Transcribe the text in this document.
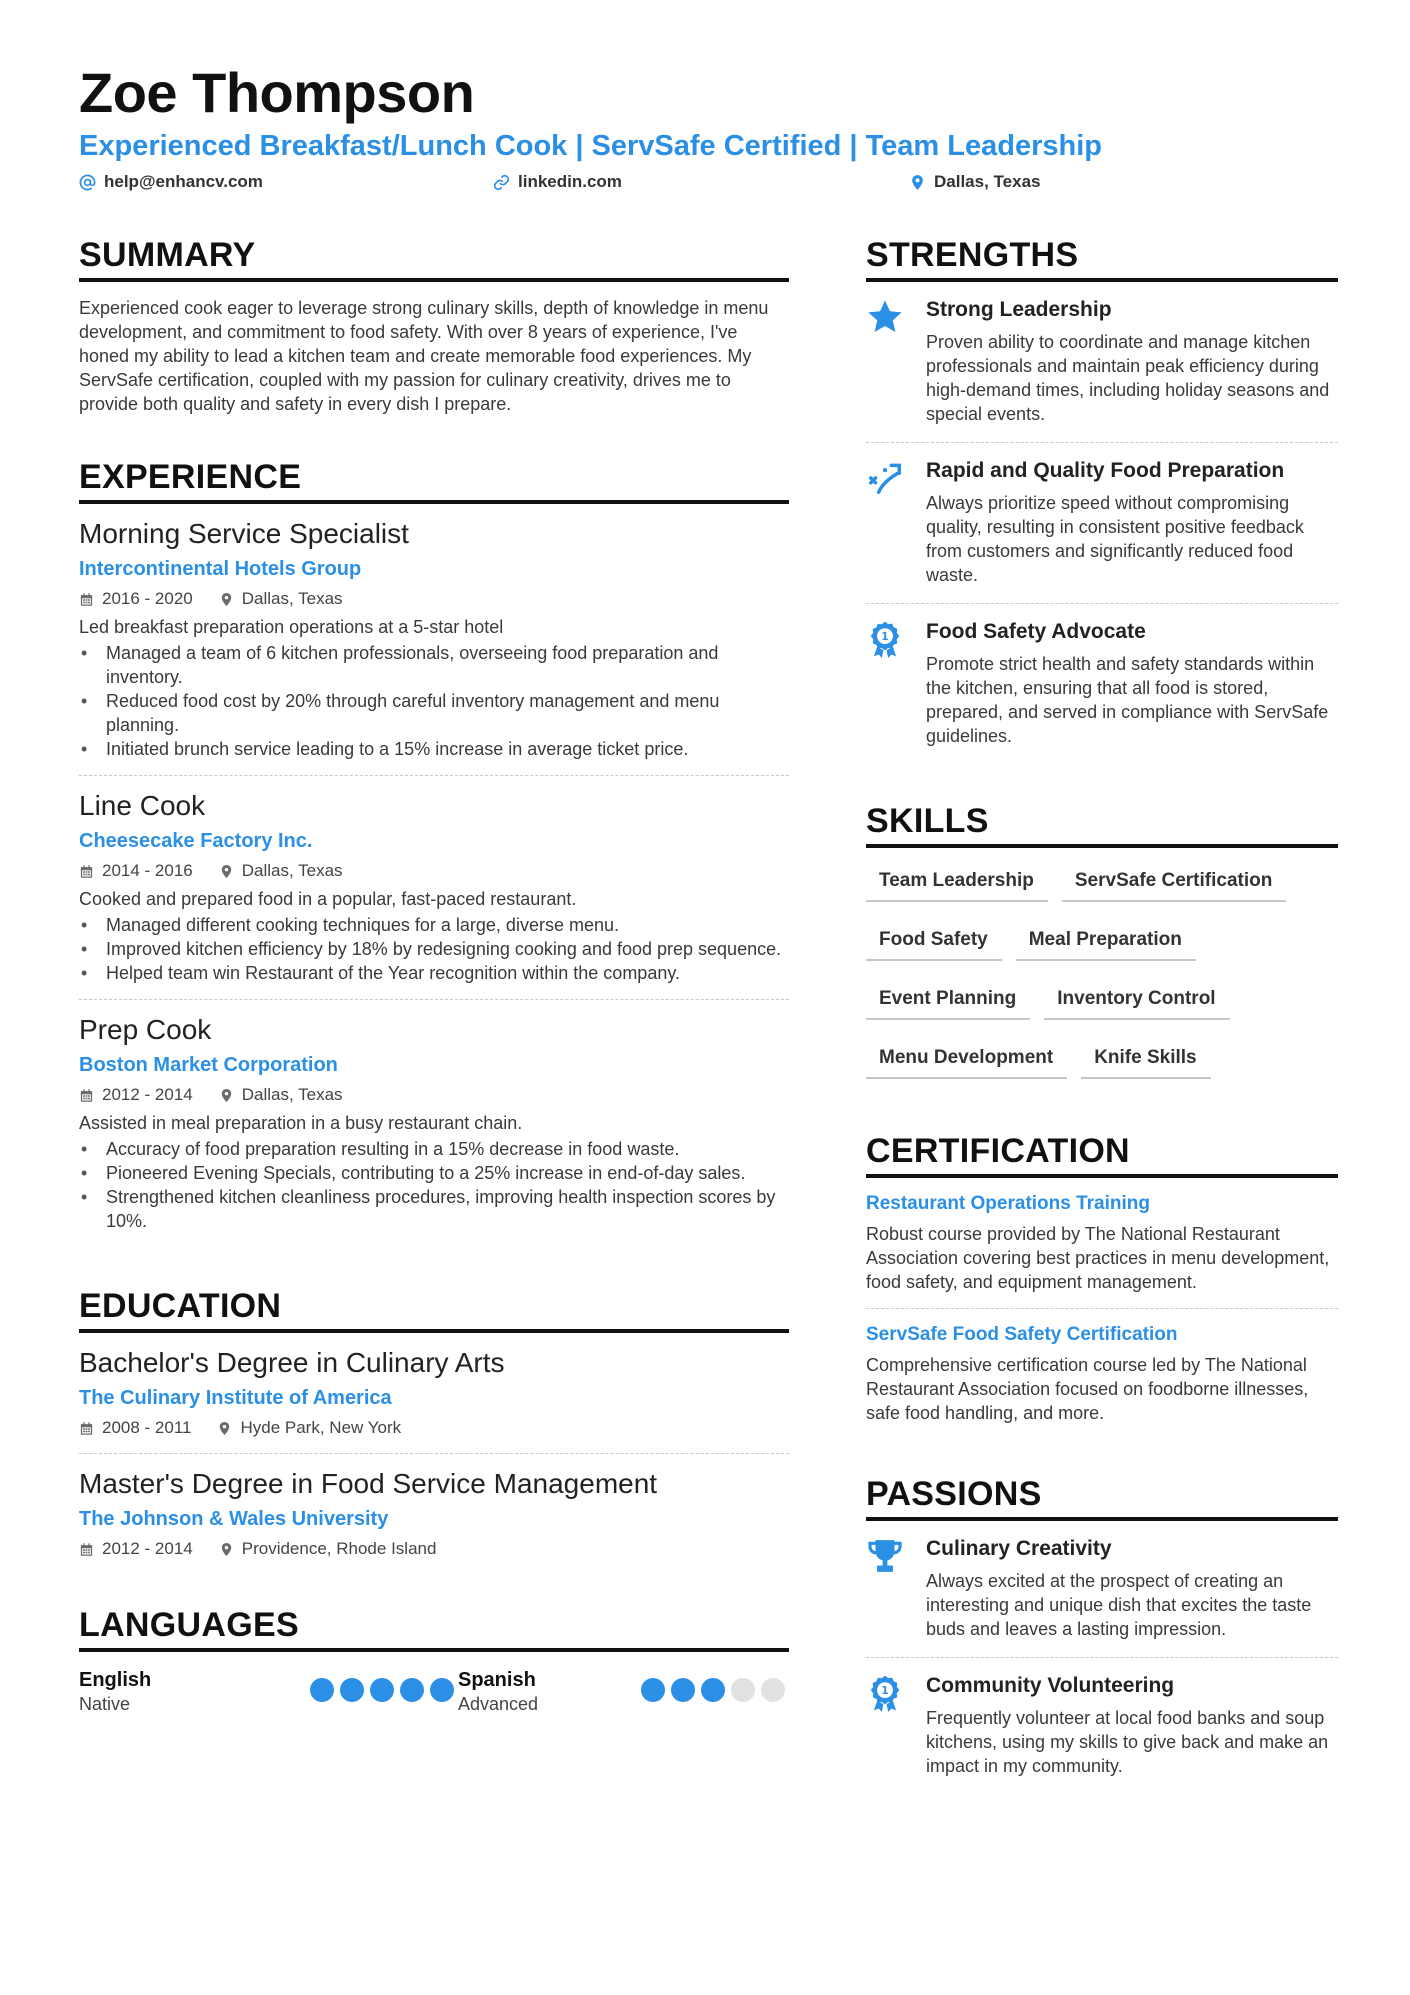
Zoe Thompson
Experienced Breakfast/Lunch Cook | ServSafe Certified | Team Leadership
help@enhancv.com	linkedin.com	Dallas, Texas
SUMMARY
Experienced cook eager to leverage strong culinary skills, depth of knowledge in menu development, and commitment to food safety. With over 8 years of experience, I've honed my ability to lead a kitchen team and create memorable food experiences. My ServSafe certification, coupled with my passion for culinary creativity, drives me to provide both quality and safety in every dish I prepare.
EXPERIENCE
Morning Service Specialist
Intercontinental Hotels Group
2016 - 2020	Dallas, Texas
Led breakfast preparation operations at a 5-star hotel
• Managed a team of 6 kitchen professionals, overseeing food preparation and inventory.
• Reduced food cost by 20% through careful inventory management and menu planning.
• Initiated brunch service leading to a 15% increase in average ticket price.
Line Cook
Cheesecake Factory Inc.
2014 - 2016	Dallas, Texas
Cooked and prepared food in a popular, fast-paced restaurant.
• Managed different cooking techniques for a large, diverse menu.
• Improved kitchen efficiency by 18% by redesigning cooking and food prep sequence.
• Helped team win Restaurant of the Year recognition within the company.
Prep Cook
Boston Market Corporation
2012 - 2014	Dallas, Texas
Assisted in meal preparation in a busy restaurant chain.
• Accuracy of food preparation resulting in a 15% decrease in food waste.
• Pioneered Evening Specials, contributing to a 25% increase in end-of-day sales.
• Strengthened kitchen cleanliness procedures, improving health inspection scores by 10%.
EDUCATION
Bachelor's Degree in Culinary Arts
The Culinary Institute of America
2008 - 2011	Hyde Park, New York
Master's Degree in Food Service Management
The Johnson & Wales University
2012 - 2014	Providence, Rhode Island
LANGUAGES
English
Native
Spanish
Advanced
STRENGTHS
Strong Leadership
Proven ability to coordinate and manage kitchen professionals and maintain peak efficiency during high-demand times, including holiday seasons and special events.
Rapid and Quality Food Preparation
Always prioritize speed without compromising quality, resulting in consistent positive feedback from customers and significantly reduced food waste.
1 Food Safety Advocate
Promote strict health and safety standards within the kitchen, ensuring that all food is stored, prepared, and served in compliance with ServSafe guidelines.
SKILLS
Team Leadership	ServSafe Certification
Food Safety	Meal Preparation
Event Planning	Inventory Control
Menu Development	Knife Skills
CERTIFICATION
Restaurant Operations Training
Robust course provided by The National Restaurant Association covering best practices in menu development, food safety, and equipment management.
ServSafe Food Safety Certification
Comprehensive certification course led by The National Restaurant Association focused on foodborne illnesses, safe food handling, and more.
PASSIONS
Culinary Creativity
Always excited at the prospect of creating an interesting and unique dish that excites the taste buds and leaves a lasting impression.
1 Community Volunteering
Frequently volunteer at local food banks and soup kitchens, using my skills to give back and make an impact in my community.
